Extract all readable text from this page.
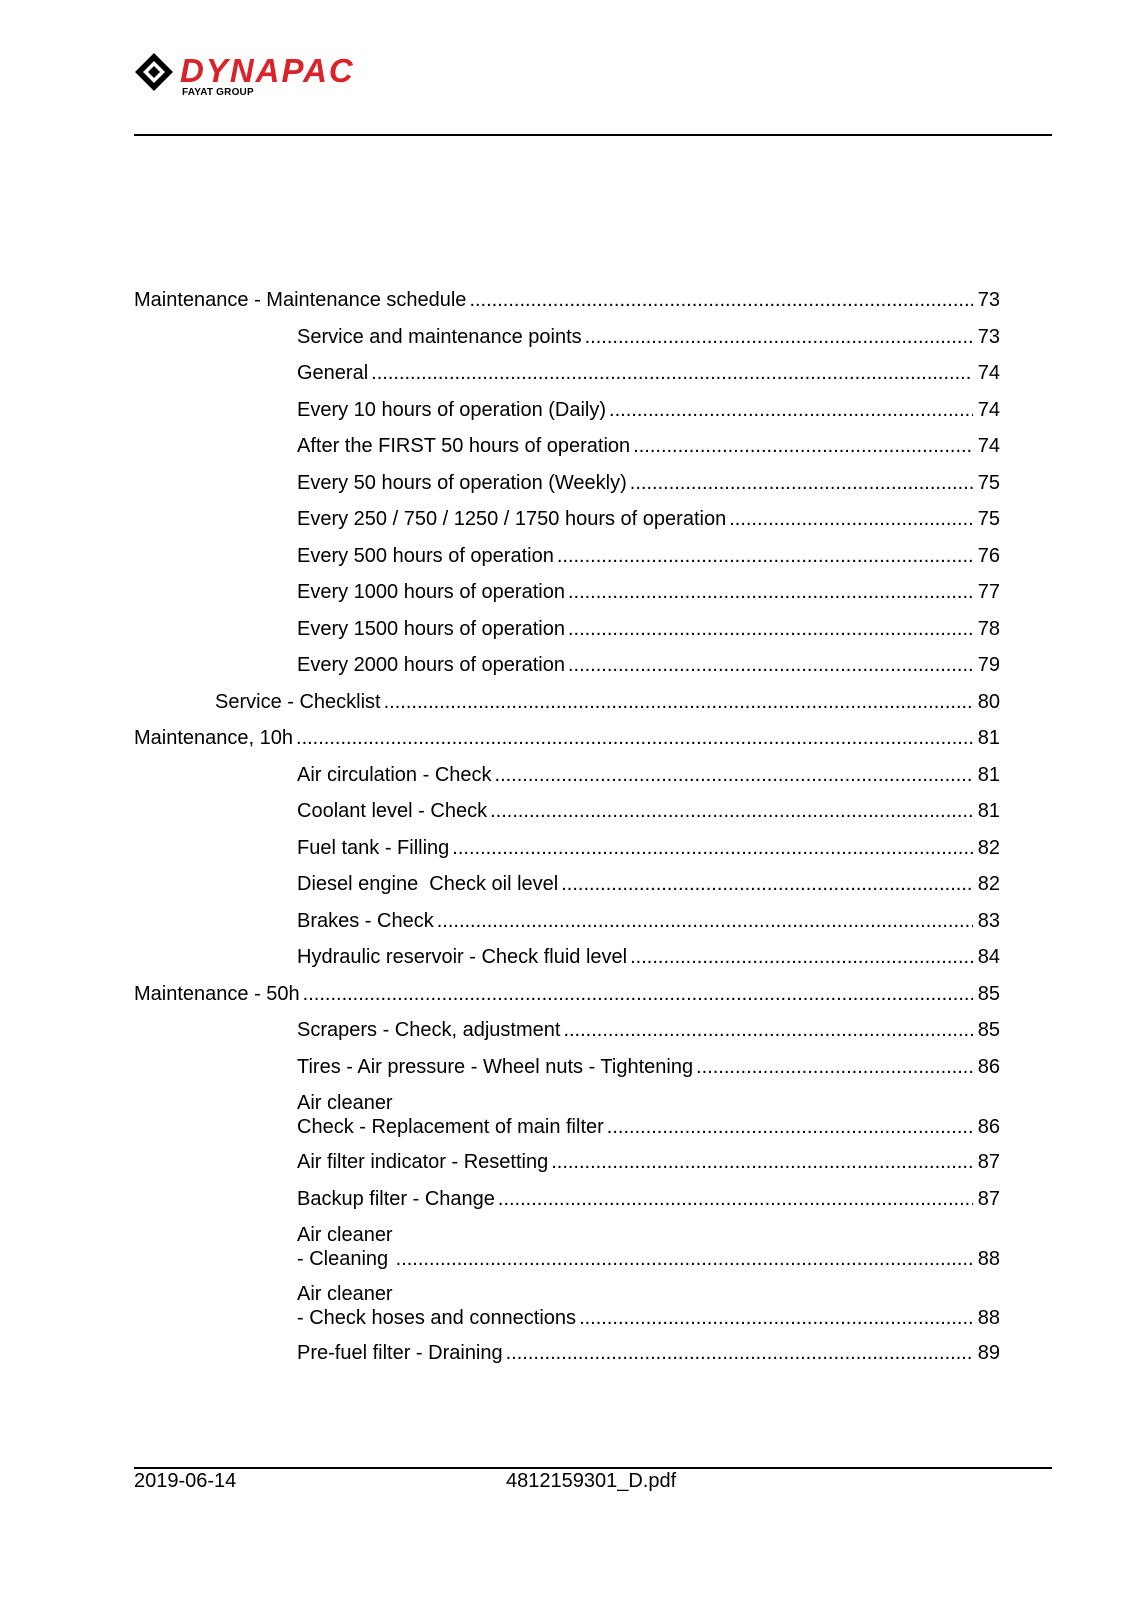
DYNAPAC
FAYAT GROUP
Maintenance - Maintenance schedule .....	73
Service and maintenance points .....	73
General .....	74
Every 10 hours of operation (Daily) .....	74
After the FIRST 50 hours of operation .....	74
Every 50 hours of operation (Weekly) .....	75
Every 250 / 750 / 1250 / 1750 hours of operation .....	75
Every 500 hours of operation .....	76
Every 1000 hours of operation .....	77
Every 1500 hours of operation .....	78
Every 2000 hours of operation .....	79
Service - Checklist .....	80
Maintenance, 10h .....	81
Air circulation - Check .....	81
Coolant level - Check .....	81
Fuel tank - Filling .....	82
Diesel engine  Check oil level .....	82
Brakes - Check .....	83
Hydraulic reservoir - Check fluid level .....	84
Maintenance - 50h .....	85
Scrapers - Check, adjustment .....	85
Tires - Air pressure - Wheel nuts - Tightening .....	86
Air cleaner
Check - Replacement of main filter .....	86
Air filter indicator - Resetting .....	87
Backup filter - Change .....	87
Air cleaner
- Cleaning .....	88
Air cleaner
- Check hoses and connections .....	88
Pre-fuel filter - Draining .....	89
2019-06-14	4812159301_D.pdf
